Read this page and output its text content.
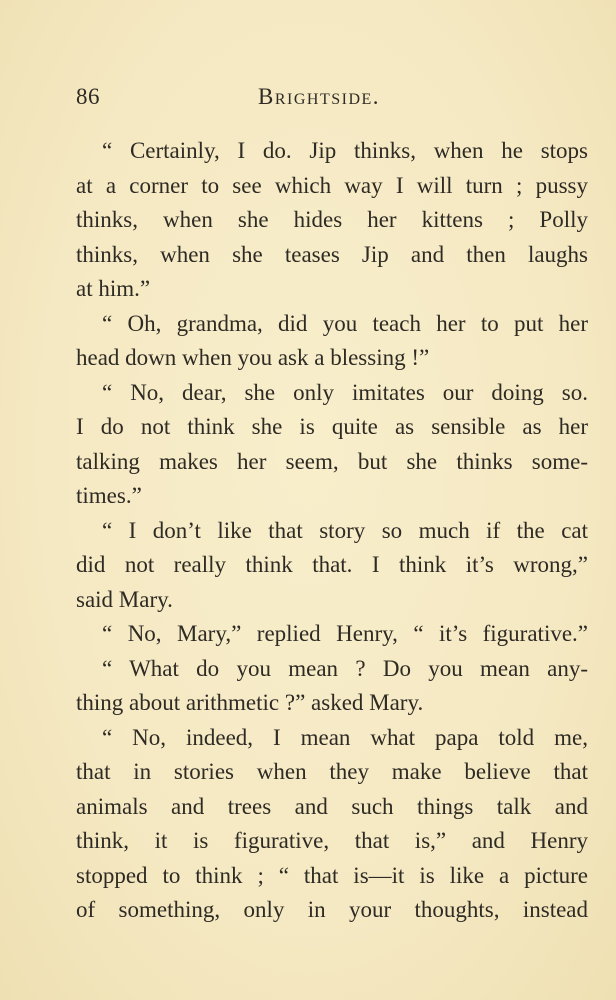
86	Brightside.
“ Certainly, I do. Jip thinks, when he stops
at a corner to see which way I will turn ; pussy
thinks, when she hides her kittens ; Polly
thinks, when she teases Jip and then laughs
at him.”
“ Oh, grandma, did you teach her to put her
head down when you ask a blessing !”
“ No, dear, she only imitates our doing so.
I do not think she is quite as sensible as her
talking makes her seem, but she thinks some-
times.”
“ I don’t like that story so much if the cat
did not really think that. I think it’s wrong,”
said Mary.
“ No, Mary,” replied Henry, “ it’s figurative.”
“ What do you mean ? Do you mean any-
thing about arithmetic ?” asked Mary.
“ No, indeed, I mean what papa told me,
that in stories when they make believe that
animals and trees and such things talk and
think, it is figurative, that is,” and Henry
stopped to think ; “ that is—it is like a picture
of something, only in your thoughts, instead
